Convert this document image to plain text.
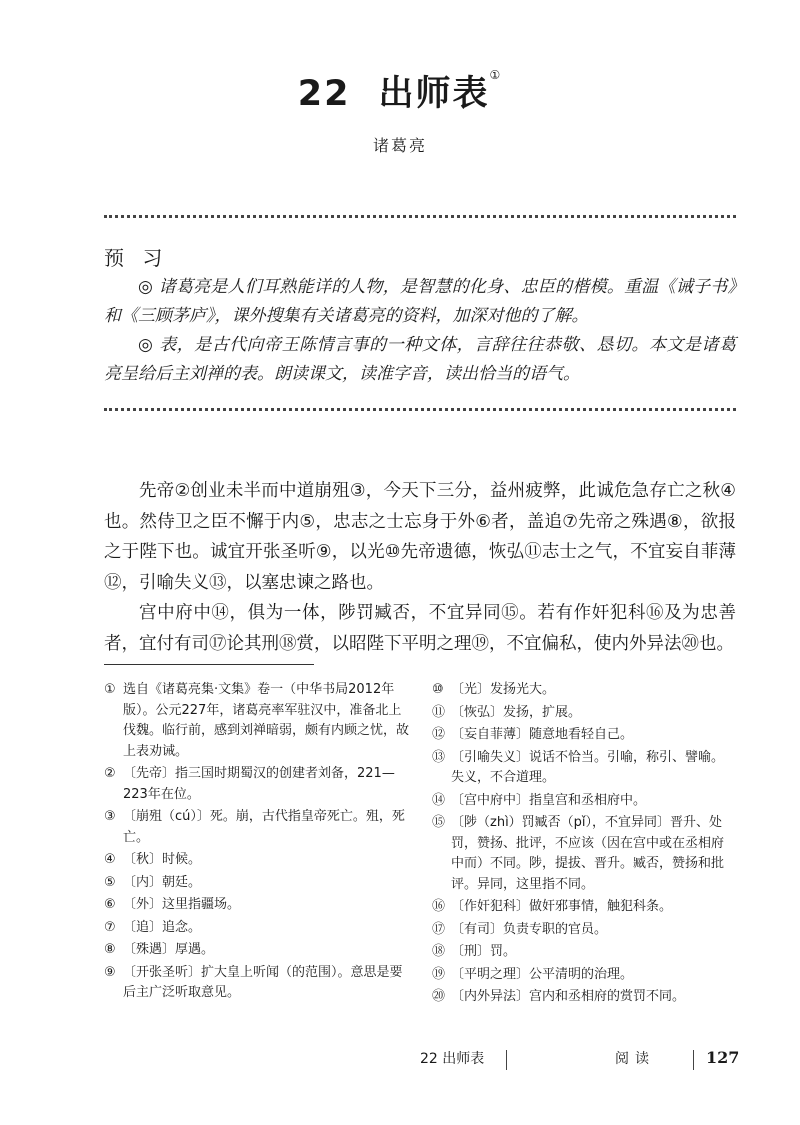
22 出师表①
诸葛亮
预 习

◎ 诸葛亮是人们耳熟能详的人物，是智慧的化身、忠臣的楷模。重温《诫子书》和《三顾茅庐》，课外搜集有关诸葛亮的资料，加深对他的了解。

◎ 表，是古代向帝王陈情言事的一种文体，言辞往往恭敬、恳切。本文是诸葛亮呈给后主刘禅的表。朗读课文，读准字音，读出恰当的语气。

先帝②创业未半而中道崩殂③，今天下三分，益州疲弊，此诚危急存亡之秋④也。然侍卫之臣不懈于内⑤，忠志之士忘身于外⑥者，盖追⑦先帝之殊遇⑧，欲报之于陛下也。诚宜开张圣听⑨，以光⑩先帝遗德，恢弘⑪志士之气，不宜妄自菲薄⑫，引喻失义⑬，以塞忠谏之路也。

宫中府中⑭，俱为一体，陟罚臧否，不宜异同⑮。若有作奸犯科⑯及为忠善者，宜付有司⑰论其刑⑱赏，以昭陛下平明之理⑲，不宜偏私，使内外异法⑳也。

① 选自《诸葛亮集·文集》卷一（中华书局2012年版）。公元227年，诸葛亮率军驻汉中，准备北上伐魏。临行前，感到刘禅暗弱，颇有内顾之忧，故上表劝诫。
② 〔先帝〕指三国时期蜀汉的创建者刘备，221—223年在位。
③ 〔崩殂（cú）〕死。崩，古代指皇帝死亡。殂，死亡。
④ 〔秋〕时候。
⑤ 〔内〕朝廷。
⑥ 〔外〕这里指疆场。
⑦ 〔追〕追念。
⑧ 〔殊遇〕厚遇。
⑨ 〔开张圣听〕扩大皇上听闻（的范围）。意思是要后主广泛听取意见。
⑩ 〔光〕发扬光大。
⑪ 〔恢弘〕发扬，扩展。
⑫ 〔妄自菲薄〕随意地看轻自己。
⑬ 〔引喻失义〕说话不恰当。引喻，称引、譬喻。失义，不合道理。
⑭ 〔宫中府中〕指皇宫和丞相府中。
⑮ 〔陟（zhì）罚臧否（pǐ），不宜异同〕晋升、处罚，赞扬、批评，不应该（因在宫中或在丞相府中而）不同。陟，提拔、晋升。臧否，赞扬和批评。异同，这里指不同。
⑯ 〔作奸犯科〕做奸邪事情，触犯科条。
⑰ 〔有司〕负责专职的官员。
⑱ 〔刑〕罚。
⑲ 〔平明之理〕公平清明的治理。
⑳ 〔内外异法〕宫内和丞相府的赏罚不同。
22 出师表	阅读	127
